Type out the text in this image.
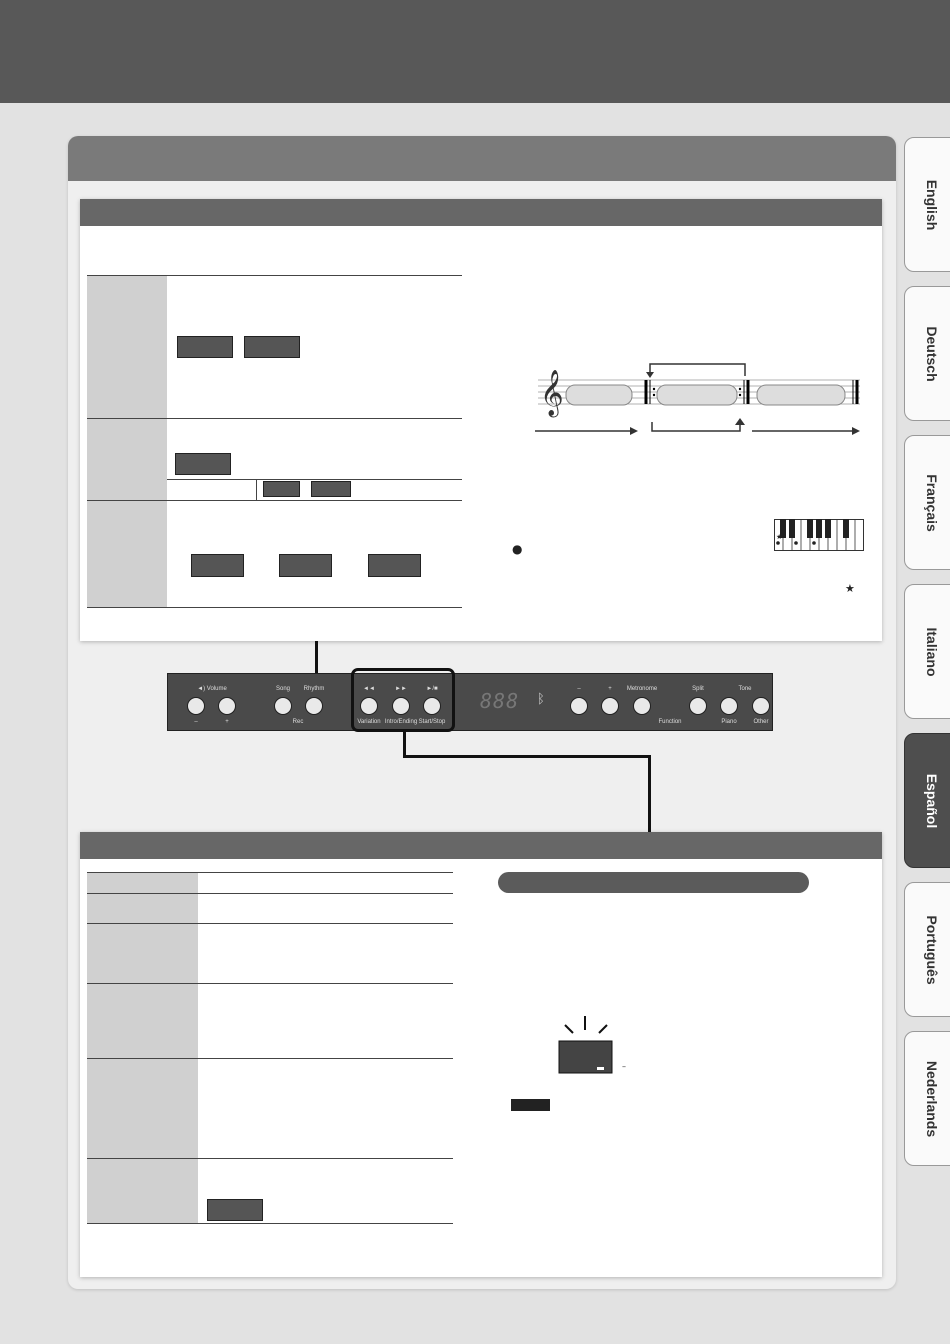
English
Deutsch
Français
Italiano
Español
Português
Nederlands
𝄞
★
●
★
◄) Volume
–	+
Song Rhythm
Rec
◄◄	►►	►/■
Variation Intro/Ending Start/Stop
888 ᛒ
–	+	Metronome
Function
Split	Tone
Piano	Other
–
